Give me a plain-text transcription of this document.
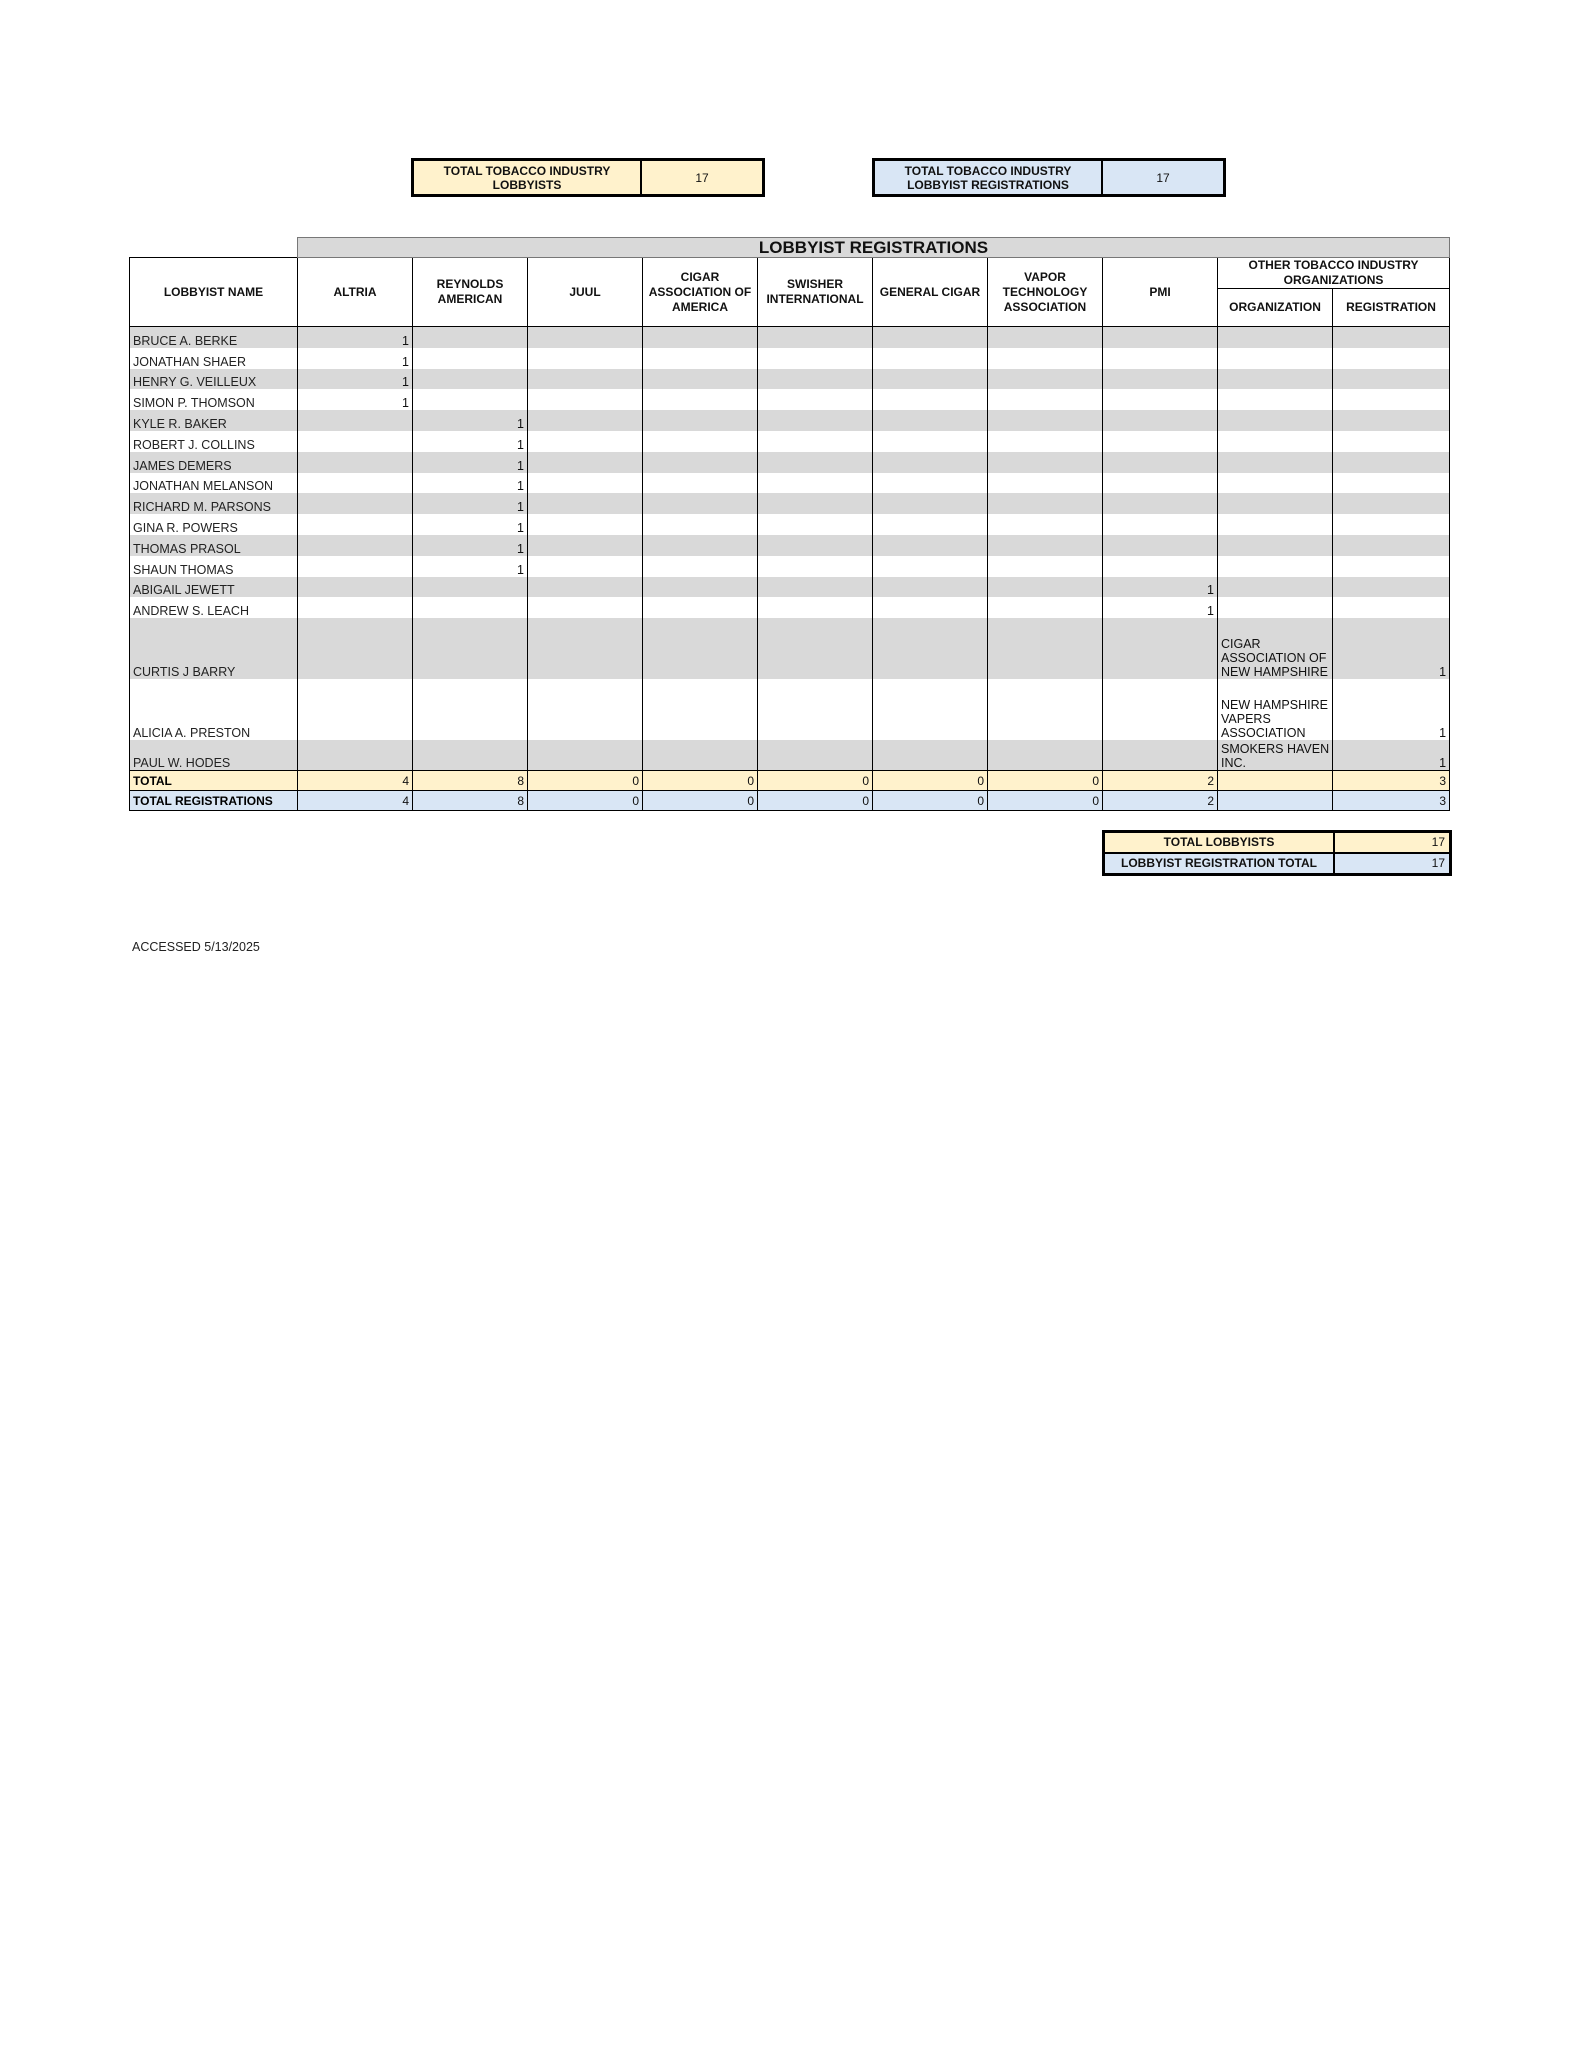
TOTAL TOBACCO INDUSTRY LOBBYISTS	17	TOTAL TOBACCO INDUSTRY LOBBYIST REGISTRATIONS	17
	LOBBYIST REGISTRATIONS									
LOBBYIST NAME	ALTRIA	REYNOLDS AMERICAN	JUUL	CIGAR ASSOCIATION OF AMERICA	SWISHER INTERNATIONAL	GENERAL CIGAR	VAPOR TECHNOLOGY ASSOCIATION	PMI	OTHER TOBACCO INDUSTRY ORGANIZATIONS	
									ORGANIZATION	REGISTRATION
BRUCE A. BERKE	1									
JONATHAN SHAER	1									
HENRY G. VEILLEUX	1									
SIMON P. THOMSON	1									
KYLE R. BAKER		1								
ROBERT J. COLLINS		1								
JAMES DEMERS		1								
JONATHAN MELANSON		1								
RICHARD M. PARSONS		1								
GINA R. POWERS		1								
THOMAS PRASOL		1								
SHAUN THOMAS		1								
ABIGAIL JEWETT								1		
ANDREW S. LEACH								1		
CURTIS J BARRY									CIGAR ASSOCIATION OF NEW HAMPSHIRE	1
ALICIA A. PRESTON									NEW HAMPSHIRE VAPERS ASSOCIATION	1
PAUL W. HODES									SMOKERS HAVEN INC.	1
TOTAL	4	8	0	0	0	0	0	2		3
TOTAL REGISTRATIONS	4	8	0	0	0	0	0	2		3
TOTAL LOBBYISTS	17
LOBBYIST REGISTRATION TOTAL	17
ACCESSED 5/13/2025
